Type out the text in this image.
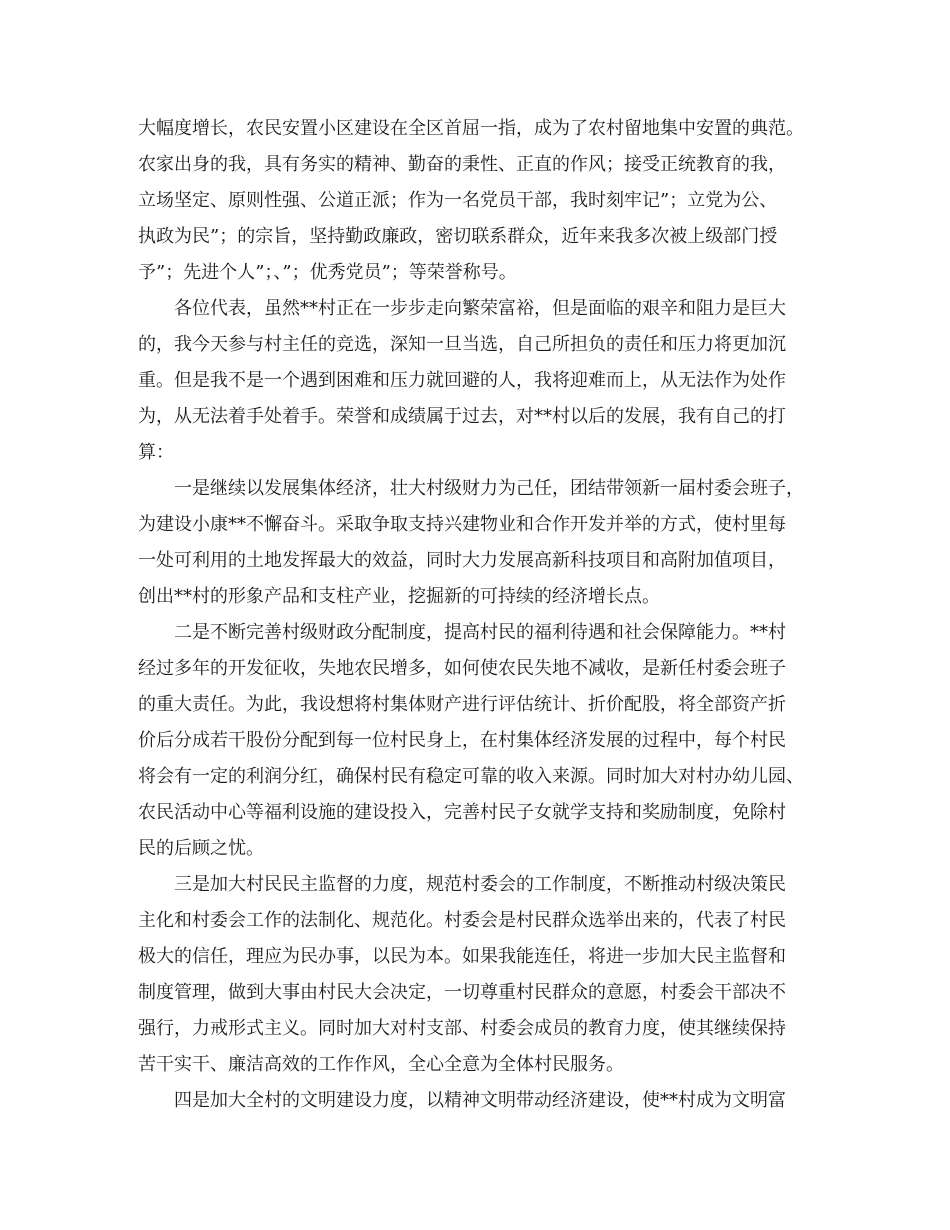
大幅度增长，农民安置小区建设在全区首屈一指，成为了农村留地集中安置的典范。
农家出身的我，具有务实的精神、勤奋的秉性、正直的作风；接受正统教育的我，
立场坚定、原则性强、公道正派；作为一名党员干部，我时刻牢记”；立党为公、
执政为民”；的宗旨，坚持勤政廉政，密切联系群众，近年来我多次被上级部门授
予”；先进个人”；、”；优秀党员”；等荣誉称号。
各位代表，虽然**村正在一步步走向繁荣富裕，但是面临的艰辛和阻力是巨大
的，我今天参与村主任的竞选，深知一旦当选，自己所担负的责任和压力将更加沉
重。但是我不是一个遇到困难和压力就回避的人，我将迎难而上，从无法作为处作
为，从无法着手处着手。荣誉和成绩属于过去，对**村以后的发展，我有自己的打
算：
一是继续以发展集体经济，壮大村级财力为己任，团结带领新一届村委会班子，
为建设小康**不懈奋斗。采取争取支持兴建物业和合作开发并举的方式，使村里每
一处可利用的土地发挥最大的效益，同时大力发展高新科技项目和高附加值项目，
创出**村的形象产品和支柱产业，挖掘新的可持续的经济增长点。
二是不断完善村级财政分配制度，提高村民的福利待遇和社会保障能力。**村
经过多年的开发征收，失地农民增多，如何使农民失地不减收，是新任村委会班子
的重大责任。为此，我设想将村集体财产进行评估统计、折价配股，将全部资产折
价后分成若干股份分配到每一位村民身上，在村集体经济发展的过程中，每个村民
将会有一定的利润分红，确保村民有稳定可靠的收入来源。同时加大对村办幼儿园、
农民活动中心等福利设施的建设投入，完善村民子女就学支持和奖励制度，免除村
民的后顾之忧。
三是加大村民民主监督的力度，规范村委会的工作制度，不断推动村级决策民
主化和村委会工作的法制化、规范化。村委会是村民群众选举出来的，代表了村民
极大的信任，理应为民办事，以民为本。如果我能连任，将进一步加大民主监督和
制度管理，做到大事由村民大会决定，一切尊重村民群众的意愿，村委会干部决不
强行，力戒形式主义。同时加大对村支部、村委会成员的教育力度，使其继续保持
苦干实干、廉洁高效的工作作风，全心全意为全体村民服务。
四是加大全村的文明建设力度，以精神文明带动经济建设，使**村成为文明富
